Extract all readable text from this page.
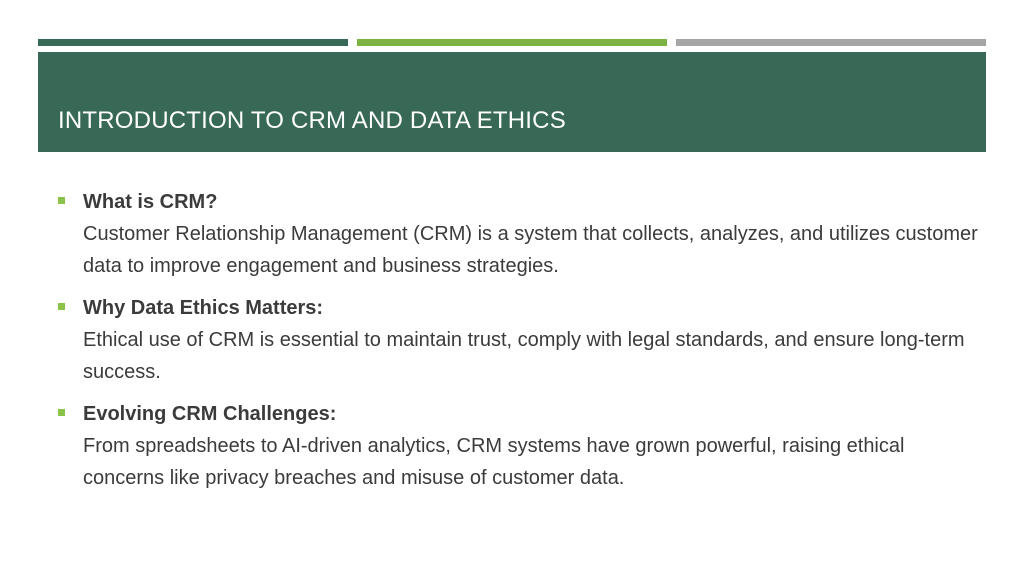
INTRODUCTION TO CRM AND DATA ETHICS
What is CRM?
Customer Relationship Management (CRM) is a system that collects, analyzes, and utilizes customer data to improve engagement and business strategies.
Why Data Ethics Matters:
Ethical use of CRM is essential to maintain trust, comply with legal standards, and ensure long-term success.
Evolving CRM Challenges:
From spreadsheets to AI-driven analytics, CRM systems have grown powerful, raising ethical concerns like privacy breaches and misuse of customer data.
